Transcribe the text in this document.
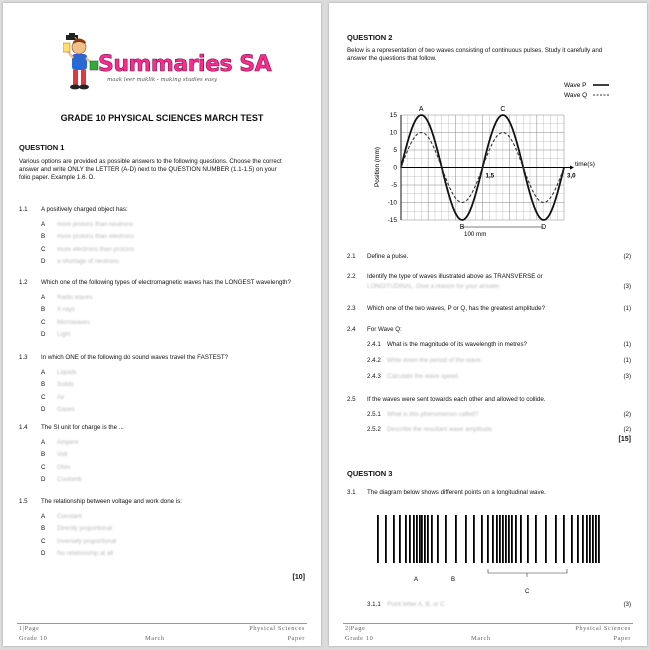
Summaries SA
maak leer maklik - making studies easy
GRADE 10 PHYSICAL SCIENCES MARCH TEST
QUESTION 1
Various options are provided as possible answers to the following questions. Choose the correct
answer and write ONLY the LETTER (A-D) next to the QUESTION NUMBER (1.1-1.5) on your
folio paper. Example 1.6. D.
1.1 A positively charged object has:
A more protons than neutrons
B more protons than electrons
C more electrons than protons
D a shortage of neutrons
1.2 Which one of the following types of electromagnetic waves has the LONGEST wavelength?
A Radio waves
B X-rays
C Microwaves
D Light
1.3 In which ONE of the following do sound waves travel the FASTEST?
A Liquids
B Solids
C Air
D Gases
1.4 The SI unit for charge is the ...
A Ampere
B Volt
C Ohm
D Coulomb
1.5 The relationship between voltage and work done is:
A Constant
B Directly proportional
C Inversely proportional
D No relationship at all
[10]
1|Page	Physical Sciences
Grade 10	March	Paper
QUESTION 2
Below is a representation of two waves consisting of continuous pulses. Study it carefully and
answer the questions that follow.
15
10
5
0
-5
-10
-15
1,5	3,0
A	C
B	D
Wave P
Wave Q
Position (mm)	time(s)
100 mm
2.1 Define a pulse.	(2)
2.2 Identify the type of waves illustrated above as TRANSVERSE or
LONGITUDINAL. Give a reason for your answer.	(3)
2.3 Which one of the two waves, P or Q, has the greatest amplitude?	(1)
2.4 For Wave Q:
2.4.1 What is the magnitude of its wavelength in metres?	(1)
2.4.2 Write down the period of the wave.	(1)
2.4.3 Calculate the wave speed.	(3)
2.5 If the waves were sent towards each other and allowed to collide.
2.5.1 What is this phenomenon called?	(2)
2.5.2 Describe the resultant wave amplitude.	(2)
[15]
QUESTION 3
3.1 The diagram below shows different points on a longitudinal wave.
A	B
C
3.1.1 Point letter A, B, or C	(3)
2|Page	Physical Sciences
Grade 10	March	Paper
